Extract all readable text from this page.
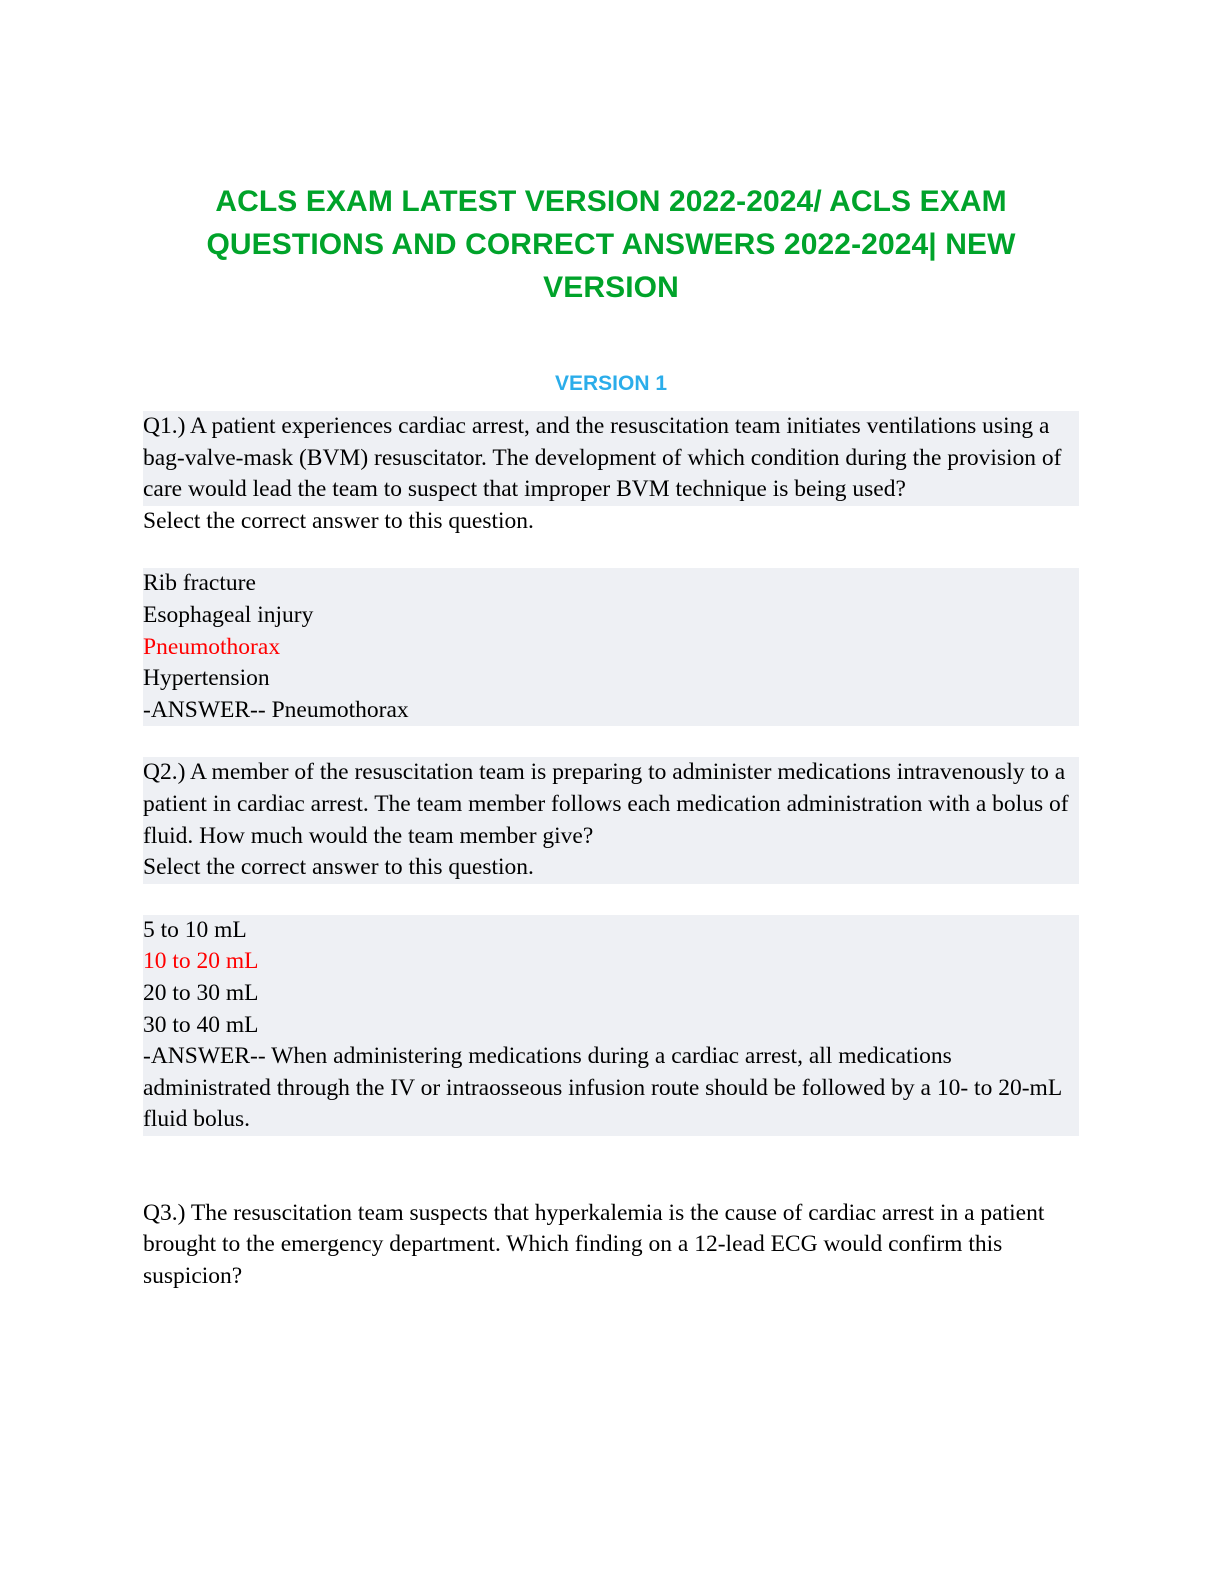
ACLS EXAM LATEST VERSION 2022-2024/ ACLS EXAM QUESTIONS AND CORRECT ANSWERS 2022-2024| NEW VERSION
VERSION 1

Q1.) A patient experiences cardiac arrest, and the resuscitation team initiates ventilations using a bag-valve-mask (BVM) resuscitator. The development of which condition during the provision of care would lead the team to suspect that improper BVM technique is being used?

Select the correct answer to this question.

Rib fracture

Esophageal injury

Pneumothorax

Hypertension

-ANSWER-- Pneumothorax

Q2.) A member of the resuscitation team is preparing to administer medications intravenously to a patient in cardiac arrest. The team member follows each medication administration with a bolus of fluid. How much would the team member give?

Select the correct answer to this question.

5 to 10 mL

10 to 20 mL

20 to 30 mL

30 to 40 mL

-ANSWER-- When administering medications during a cardiac arrest, all medications administrated through the IV or intraosseous infusion route should be followed by a 10- to 20-mL fluid bolus.

Q3.) The resuscitation team suspects that hyperkalemia is the cause of cardiac arrest in a patient brought to the emergency department. Which finding on a 12-lead ECG would confirm this suspicion?
